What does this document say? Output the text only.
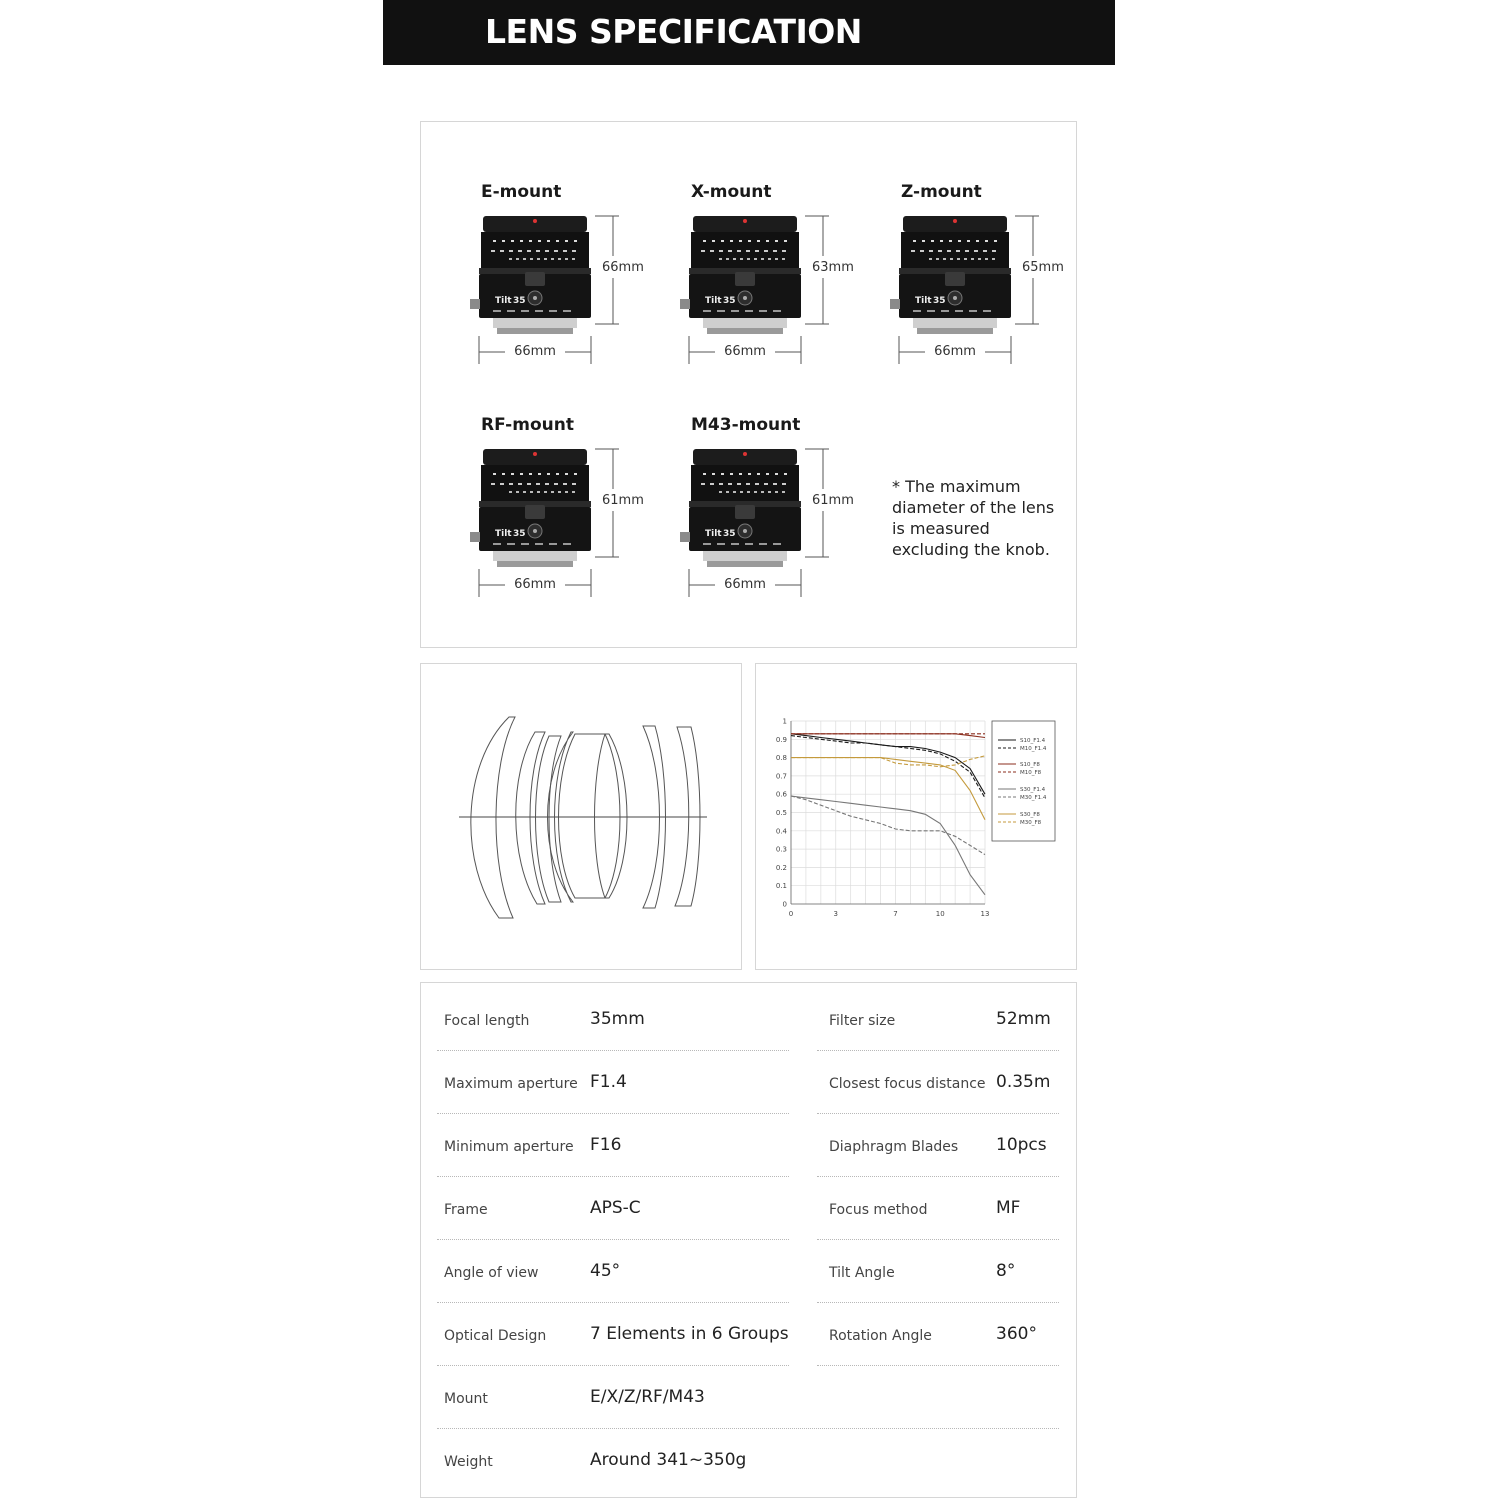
LENS SPECIFICATION
E-mount
Tilt 35
66mm
66mm
X-mount
Tilt 35
63mm
66mm
Z-mount
Tilt 35
65mm
66mm
RF-mount
Tilt 35
61mm
66mm
M43-mount
Tilt 35
61mm
66mm
* The maximum
diameter of the lens
is measured
excluding the knob.
0
0.1
0.2
0.3
0.4
0.5
0.6
0.7
0.8
0.9
1
0	3	7	10	13
S10_F1.4
M10_F1.4
S10_F8
M10_F8
S30_F1.4
M30_F1.4
S30_F8
M30_F8
Focal length	35mm
Maximum aperture F1.4
Minimum aperture F16
Frame	APS-C
Angle of view	45°
Optical Design	7 Elements in 6 Groups
Mount	E/X/Z/RF/M43
Weight	Around 341~350g
Filter size	52mm
Closest focus distance 0.35m
Diaphragm Blades 10pcs
Focus method	MF
Tilt Angle	8°
Rotation Angle	360°
